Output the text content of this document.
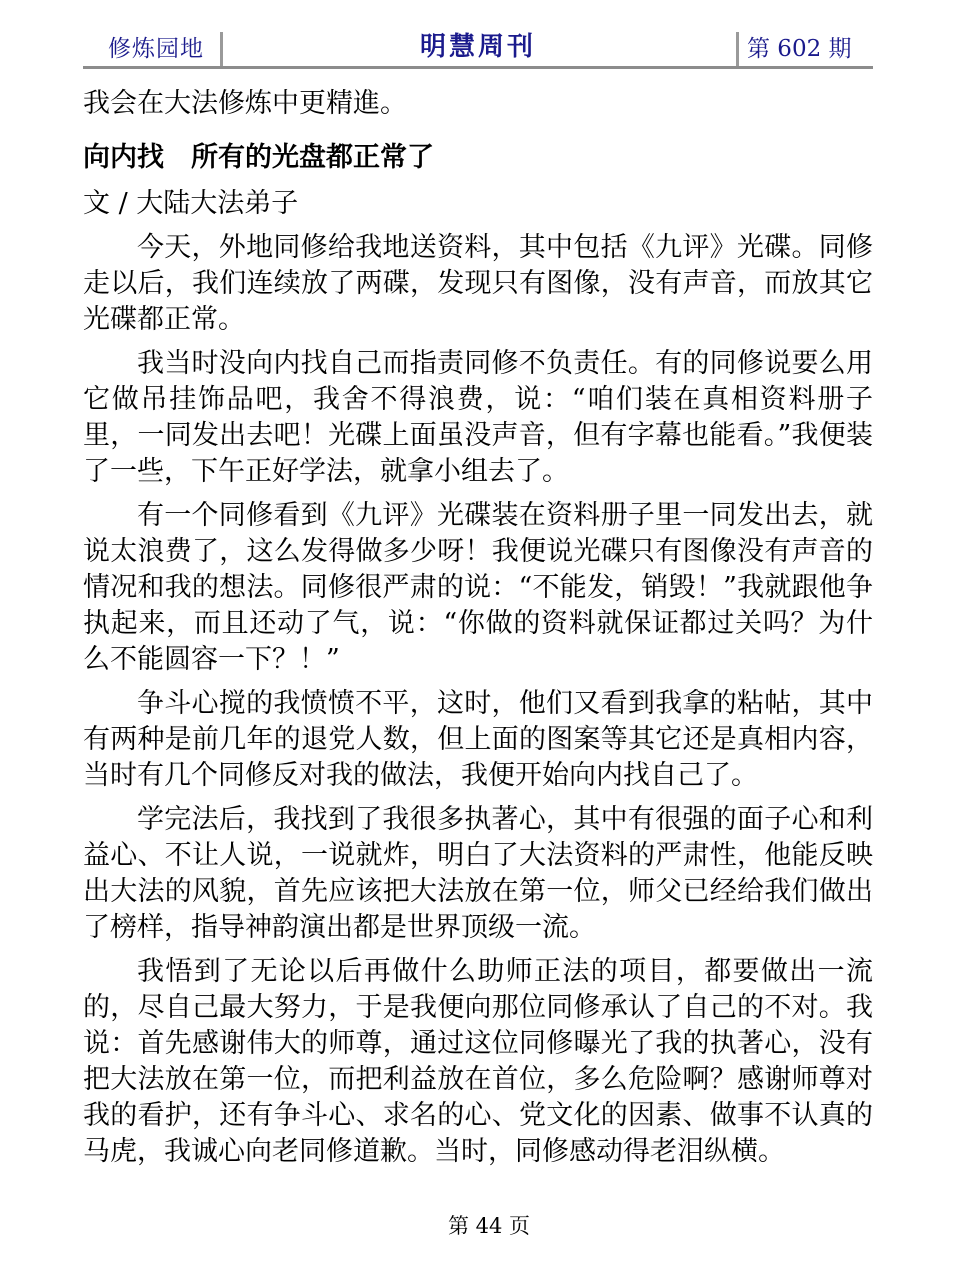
修炼园地	明慧周刊	第 602 期

我会在大法修炼中更精進。

向内找　所有的光盘都正常了

文 / 大陆大法弟子

今天，外地同修给我地送资料，其中包括《九评》光碟。同修走以后，我们连续放了两碟，发现只有图像，没有声音，而放其它光碟都正常。

我当时没向内找自己而指责同修不负责任。有的同修说要么用它做吊挂饰品吧，我舍不得浪费，说：“咱们装在真相资料册子里，一同发出去吧！光碟上面虽没声音，但有字幕也能看。”我便装了一些，下午正好学法，就拿小组去了。

有一个同修看到《九评》光碟装在资料册子里一同发出去，就说太浪费了，这么发得做多少呀！我便说光碟只有图像没有声音的情况和我的想法。同修很严肃的说：“不能发，销毁！”我就跟他争执起来，而且还动了气，说：“你做的资料就保证都过关吗？为什么不能圆容一下？！”

争斗心搅的我愤愤不平，这时，他们又看到我拿的粘帖，其中有两种是前几年的退党人数，但上面的图案等其它还是真相内容，当时有几个同修反对我的做法，我便开始向内找自己了。

学完法后，我找到了我很多执著心，其中有很强的面子心和利益心、不让人说，一说就炸，明白了大法资料的严肃性，他能反映出大法的风貌，首先应该把大法放在第一位，师父已经给我们做出了榜样，指导神韵演出都是世界顶级一流。

我悟到了无论以后再做什么助师正法的项目，都要做出一流的，尽自己最大努力，于是我便向那位同修承认了自己的不对。我说：首先感谢伟大的师尊，通过这位同修曝光了我的执著心，没有把大法放在第一位，而把利益放在首位，多么危险啊？感谢师尊对我的看护，还有争斗心、求名的心、党文化的因素、做事不认真的马虎，我诚心向老同修道歉。当时，同修感动得老泪纵横。

第 44 页
